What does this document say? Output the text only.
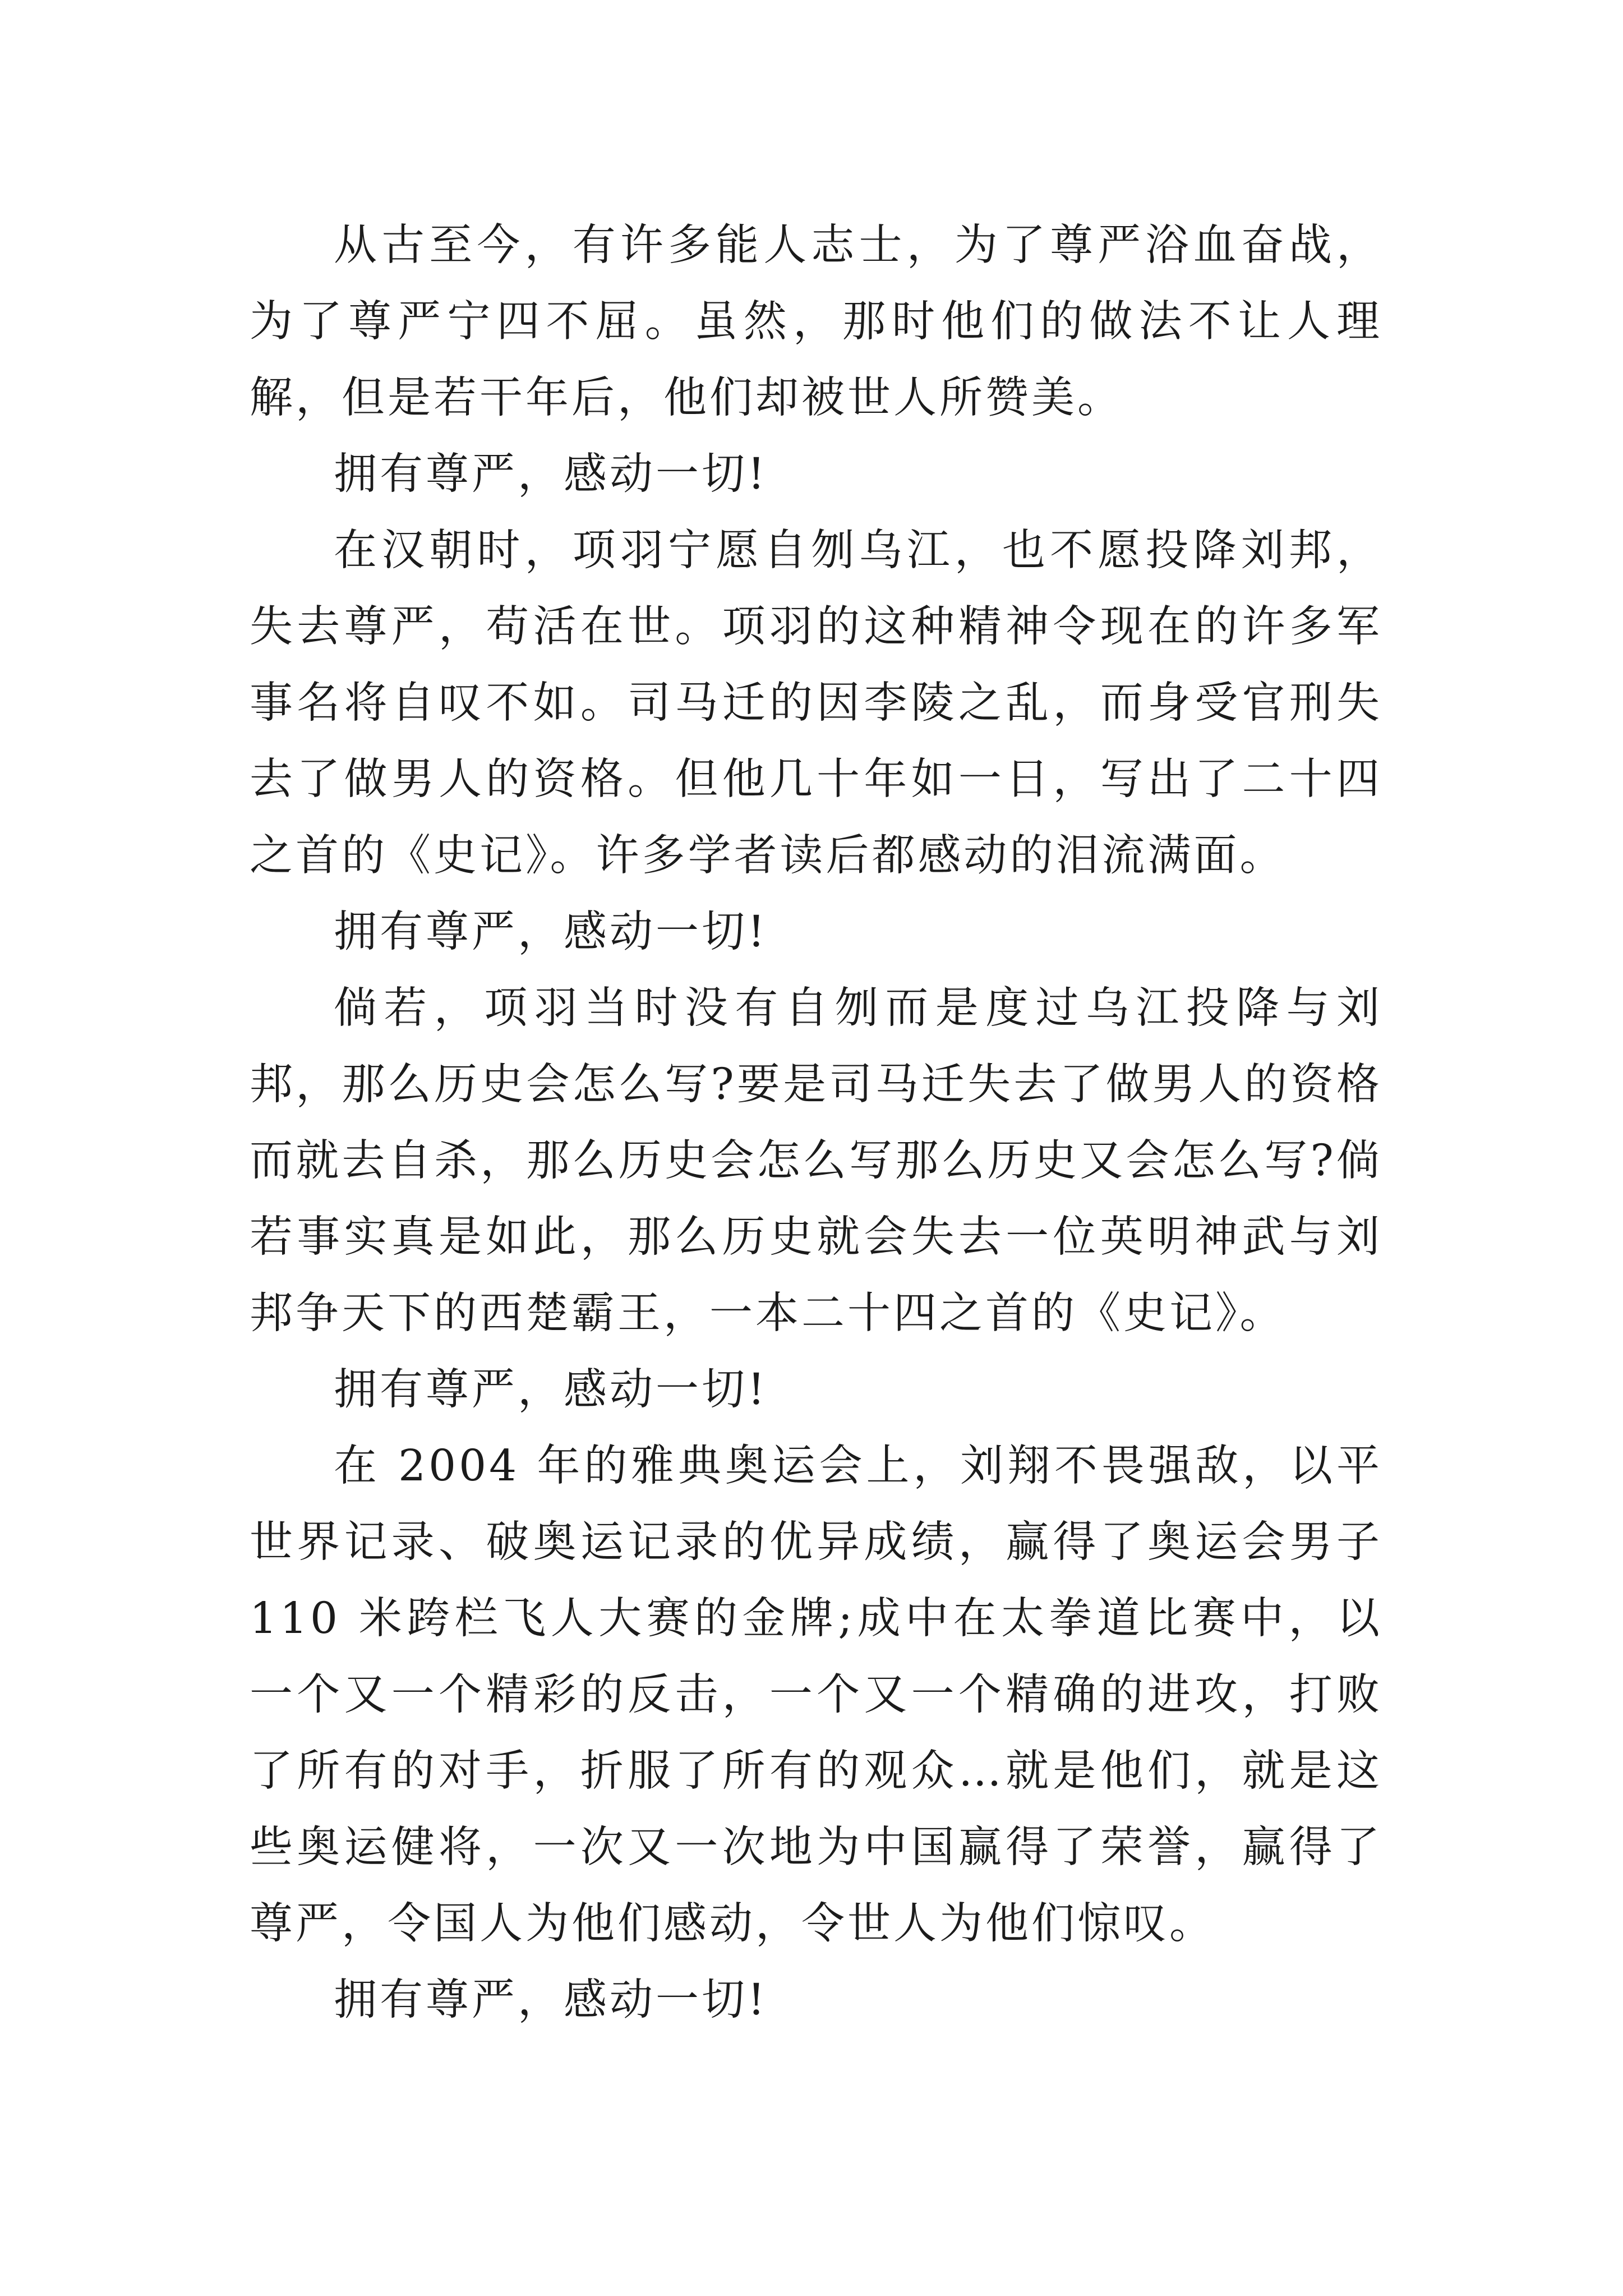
从古至今，有许多能人志士，为了尊严浴血奋战，为了尊严宁四不屈。虽然，那时他们的做法不让人理解，但是若干年后，他们却被世人所赞美。

拥有尊严，感动一切!

在汉朝时，项羽宁愿自刎乌江，也不愿投降刘邦，失去尊严，苟活在世。项羽的这种精神令现在的许多军事名将自叹不如。司马迁的因李陵之乱，而身受官刑失去了做男人的资格。但他几十年如一日，写出了二十四之首的《史记》。许多学者读后都感动的泪流满面。

拥有尊严，感动一切!

倘若，项羽当时没有自刎而是度过乌江投降与刘邦，那么历史会怎么写?要是司马迁失去了做男人的资格而就去自杀，那么历史会怎么写那么历史又会怎么写?倘若事实真是如此，那么历史就会失去一位英明神武与刘邦争天下的西楚霸王，一本二十四之首的《史记》。

拥有尊严，感动一切!

在 2004 年的雅典奥运会上，刘翔不畏强敌，以平世界记录、破奥运记录的优异成绩，赢得了奥运会男子 110 米跨栏飞人大赛的金牌;成中在太拳道比赛中，以一个又一个精彩的反击，一个又一个精确的进攻，打败了所有的对手，折服了所有的观众…就是他们，就是这些奥运健将，一次又一次地为中国赢得了荣誉，赢得了尊严，令国人为他们感动，令世人为他们惊叹。

拥有尊严，感动一切!
